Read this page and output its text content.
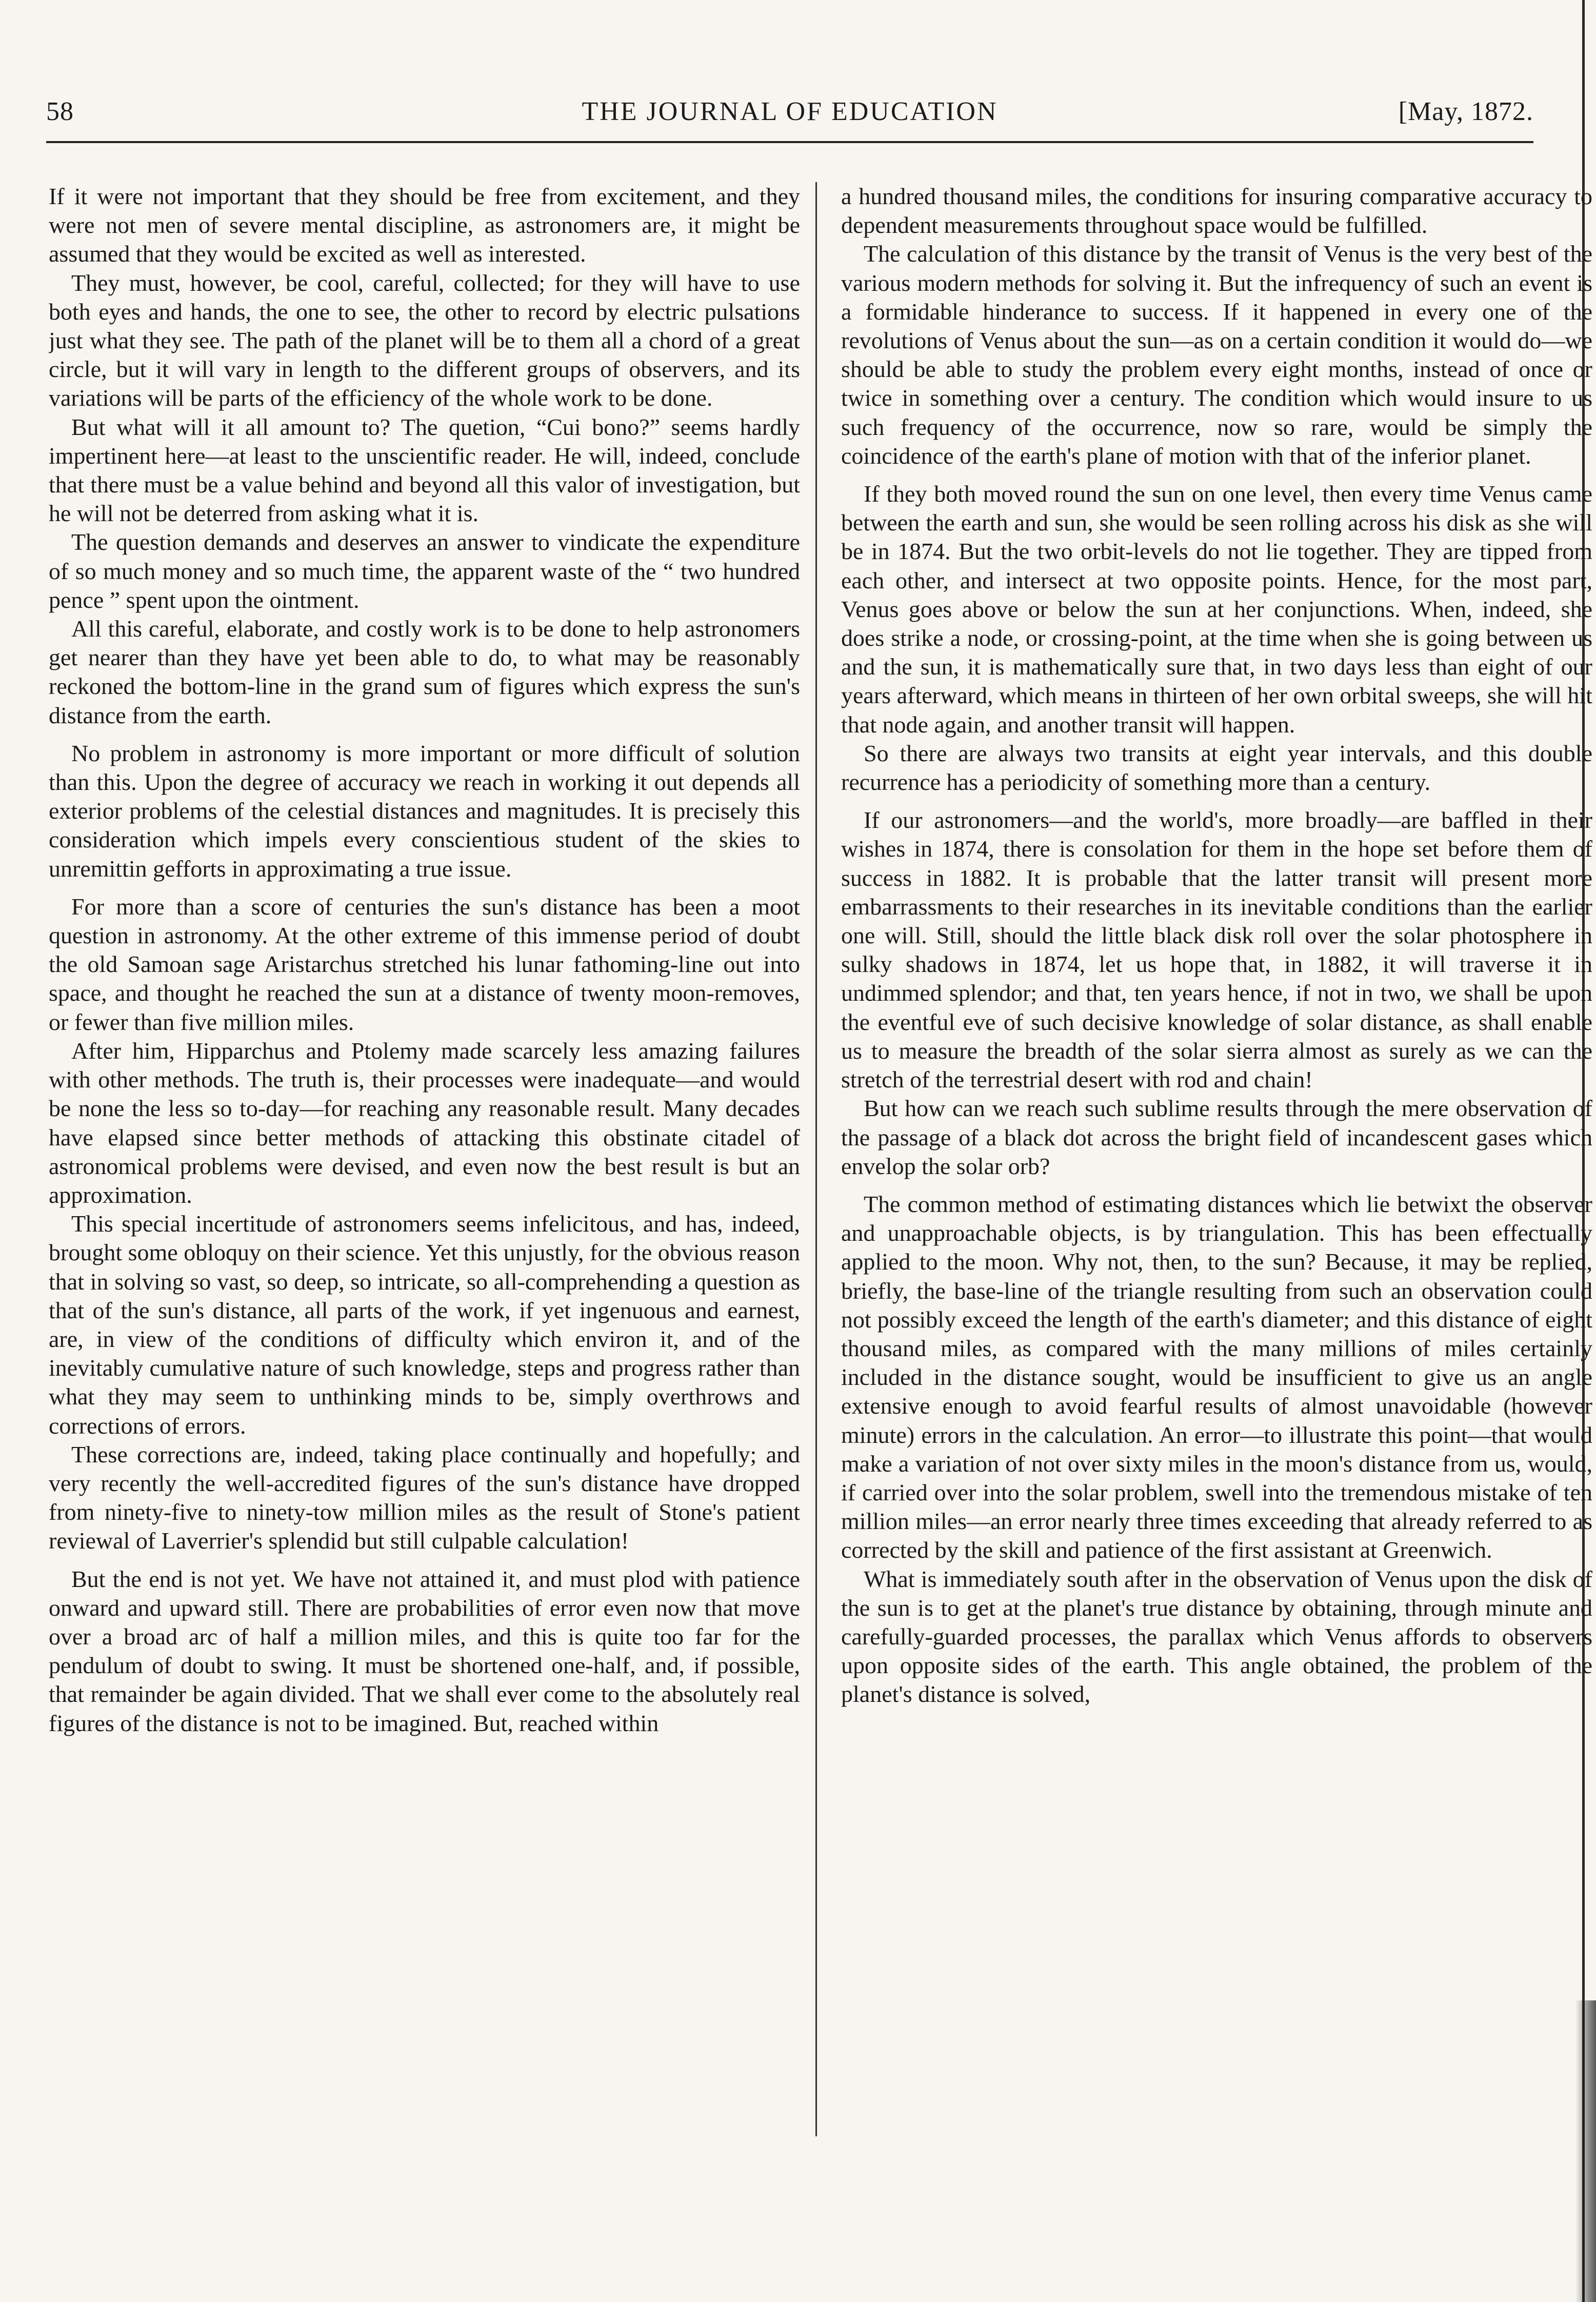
58	THE JOURNAL OF EDUCATION	[May, 1872.

If it were not important that they should be free from excitement, and they were not men of severe mental discipline, as astronomers are, it might be assumed that they would be excited as well as interested.

They must, however, be cool, careful, collected; for they will have to use both eyes and hands, the one to see, the other to record by electric pulsations just what they see. The path of the planet will be to them all a chord of a great circle, but it will vary in length to the different groups of observers, and its variations will be parts of the efficiency of the whole work to be done.

But what will it all amount to? The quetion, “Cui bono?” seems hardly impertinent here—at least to the unscientific reader. He will, indeed, conclude that there must be a value behind and beyond all this valor of investigation, but he will not be deterred from asking what it is.

The question demands and deserves an answer to vindicate the expenditure of so much money and so much time, the apparent waste of the “ two hundred pence ” spent upon the ointment.

All this careful, elaborate, and costly work is to be done to help astronomers get nearer than they have yet been able to do, to what may be reasonably reckoned the bottom-line in the grand sum of figures which express the sun's distance from the earth.

No problem in astronomy is more important or more difficult of solution than this. Upon the degree of accuracy we reach in working it out depends all exterior problems of the celestial distances and magnitudes. It is precisely this consideration which impels every conscientious student of the skies to unremittin gefforts in approximating a true issue.

For more than a score of centuries the sun's distance has been a moot question in astronomy. At the other extreme of this immense period of doubt the old Samoan sage Aristarchus stretched his lunar fathoming-line out into space, and thought he reached the sun at a distance of twenty moon-removes, or fewer than five million miles.

After him, Hipparchus and Ptolemy made scarcely less amazing failures with other methods. The truth is, their processes were inadequate—and would be none the less so to-day—for reaching any reasonable result. Many decades have elapsed since better methods of attacking this obstinate citadel of astronomical problems were devised, and even now the best result is but an approximation.

This special incertitude of astronomers seems infelicitous, and has, indeed, brought some obloquy on their science. Yet this unjustly, for the obvious reason that in solving so vast, so deep, so intricate, so all-comprehending a question as that of the sun's distance, all parts of the work, if yet ingenuous and earnest, are, in view of the conditions of difficulty which environ it, and of the inevitably cumulative nature of such knowledge, steps and progress rather than what they may seem to unthinking minds to be, simply overthrows and corrections of errors.

These corrections are, indeed, taking place continually and hopefully; and very recently the well-accredited figures of the sun's distance have dropped from ninety-five to ninety-tow million miles as the result of Stone's patient reviewal of Laverrier's splendid but still culpable calculation!

But the end is not yet. We have not attained it, and must plod with patience onward and upward still. There are probabilities of error even now that move over a broad arc of half a million miles, and this is quite too far for the pendulum of doubt to swing. It must be shortened one-half, and, if possible, that remainder be again divided. That we shall ever come to the absolutely real figures of the distance is not to be imagined. But, reached within

a hundred thousand miles, the conditions for insuring comparative accuracy to dependent measurements throughout space would be fulfilled.

The calculation of this distance by the transit of Venus is the very best of the various modern methods for solving it. But the infrequency of such an event is a formidable hinderance to success. If it happened in every one of the revolutions of Venus about the sun—as on a certain condition it would do—we should be able to study the problem every eight months, instead of once or twice in something over a century. The condition which would insure to us such frequency of the occurrence, now so rare, would be simply the coincidence of the earth's plane of motion with that of the inferior planet.

If they both moved round the sun on one level, then every time Venus came between the earth and sun, she would be seen rolling across his disk as she will be in 1874. But the two orbit-levels do not lie together. They are tipped from each other, and intersect at two opposite points. Hence, for the most part, Venus goes above or below the sun at her conjunctions. When, indeed, she does strike a node, or crossing-point, at the time when she is going between us and the sun, it is mathematically sure that, in two days less than eight of our years afterward, which means in thirteen of her own orbital sweeps, she will hit that node again, and another transit will happen.

So there are always two transits at eight year intervals, and this double recurrence has a periodicity of something more than a century.

If our astronomers—and the world's, more broadly—are baffled in their wishes in 1874, there is consolation for them in the hope set before them of success in 1882. It is probable that the latter transit will present more embarrassments to their researches in its inevitable conditions than the earlier one will. Still, should the little black disk roll over the solar photosphere in sulky shadows in 1874, let us hope that, in 1882, it will traverse it in undimmed splendor; and that, ten years hence, if not in two, we shall be upon the eventful eve of such decisive knowledge of solar distance, as shall enable us to measure the breadth of the solar sierra almost as surely as we can the stretch of the terrestrial desert with rod and chain!

But how can we reach such sublime results through the mere observation of the passage of a black dot across the bright field of incandescent gases which envelop the solar orb?

The common method of estimating distances which lie betwixt the observer and unapproachable objects, is by triangulation. This has been effectually applied to the moon. Why not, then, to the sun? Because, it may be replied, briefly, the base-line of the triangle resulting from such an observation could not possibly exceed the length of the earth's diameter; and this distance of eight thousand miles, as compared with the many millions of miles certainly included in the distance sought, would be insufficient to give us an angle extensive enough to avoid fearful results of almost unavoidable (however minute) errors in the calculation. An error—to illustrate this point—that would make a variation of not over sixty miles in the moon's distance from us, would, if carried over into the solar problem, swell into the tremendous mistake of ten million miles—an error nearly three times exceeding that already referred to as corrected by the skill and patience of the first assistant at Greenwich.

What is immediately south after in the observation of Venus upon the disk of the sun is to get at the planet's true distance by obtaining, through minute and carefully-guarded processes, the parallax which Venus affords to observers upon opposite sides of the earth. This angle obtained, the problem of the planet's distance is solved,
